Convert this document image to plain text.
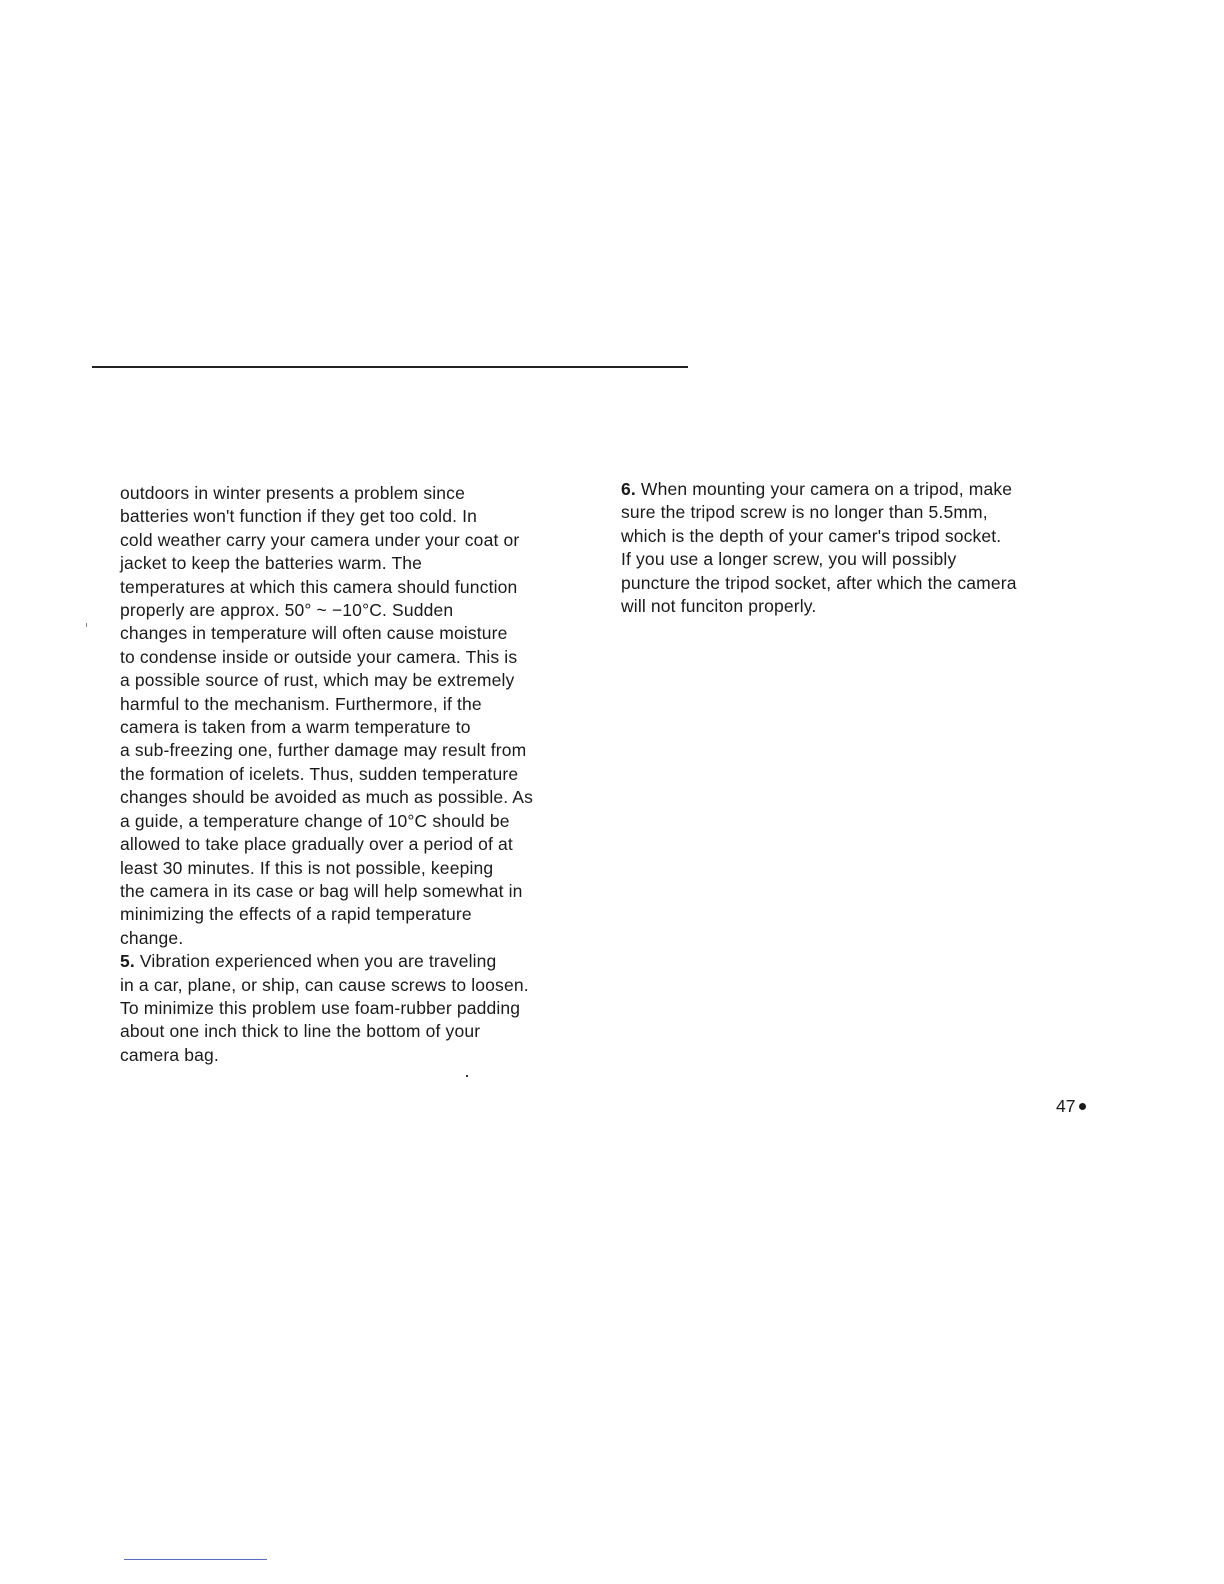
outdoors in winter presents a problem since
batteries won't function if they get too cold. In
cold weather carry your camera under your coat or
jacket to keep the batteries warm. The
temperatures at which this camera should function
properly are approx. 50° ~ −10°C. Sudden
changes in temperature will often cause moisture
to condense inside or outside your camera. This is
a possible source of rust, which may be extremely
harmful to the mechanism. Furthermore, if the
camera is taken from a warm temperature to
a sub-freezing one, further damage may result from
the formation of icelets. Thus, sudden temperature
changes should be avoided as much as possible. As
a guide, a temperature change of 10°C should be
allowed to take place gradually over a period of at
least 30 minutes. If this is not possible, keeping
the camera in its case or bag will help somewhat in
minimizing the effects of a rapid temperature
change.
5. Vibration experienced when you are traveling
in a car, plane, or ship, can cause screws to loosen.
To minimize this problem use foam-rubber padding
about one inch thick to line the bottom of your
camera bag.
6. When mounting your camera on a tripod, make
sure the tripod screw is no longer than 5.5mm,
which is the depth of your camer's tripod socket.
If you use a longer screw, you will possibly
puncture the tripod socket, after which the camera
will not funciton properly.
47
